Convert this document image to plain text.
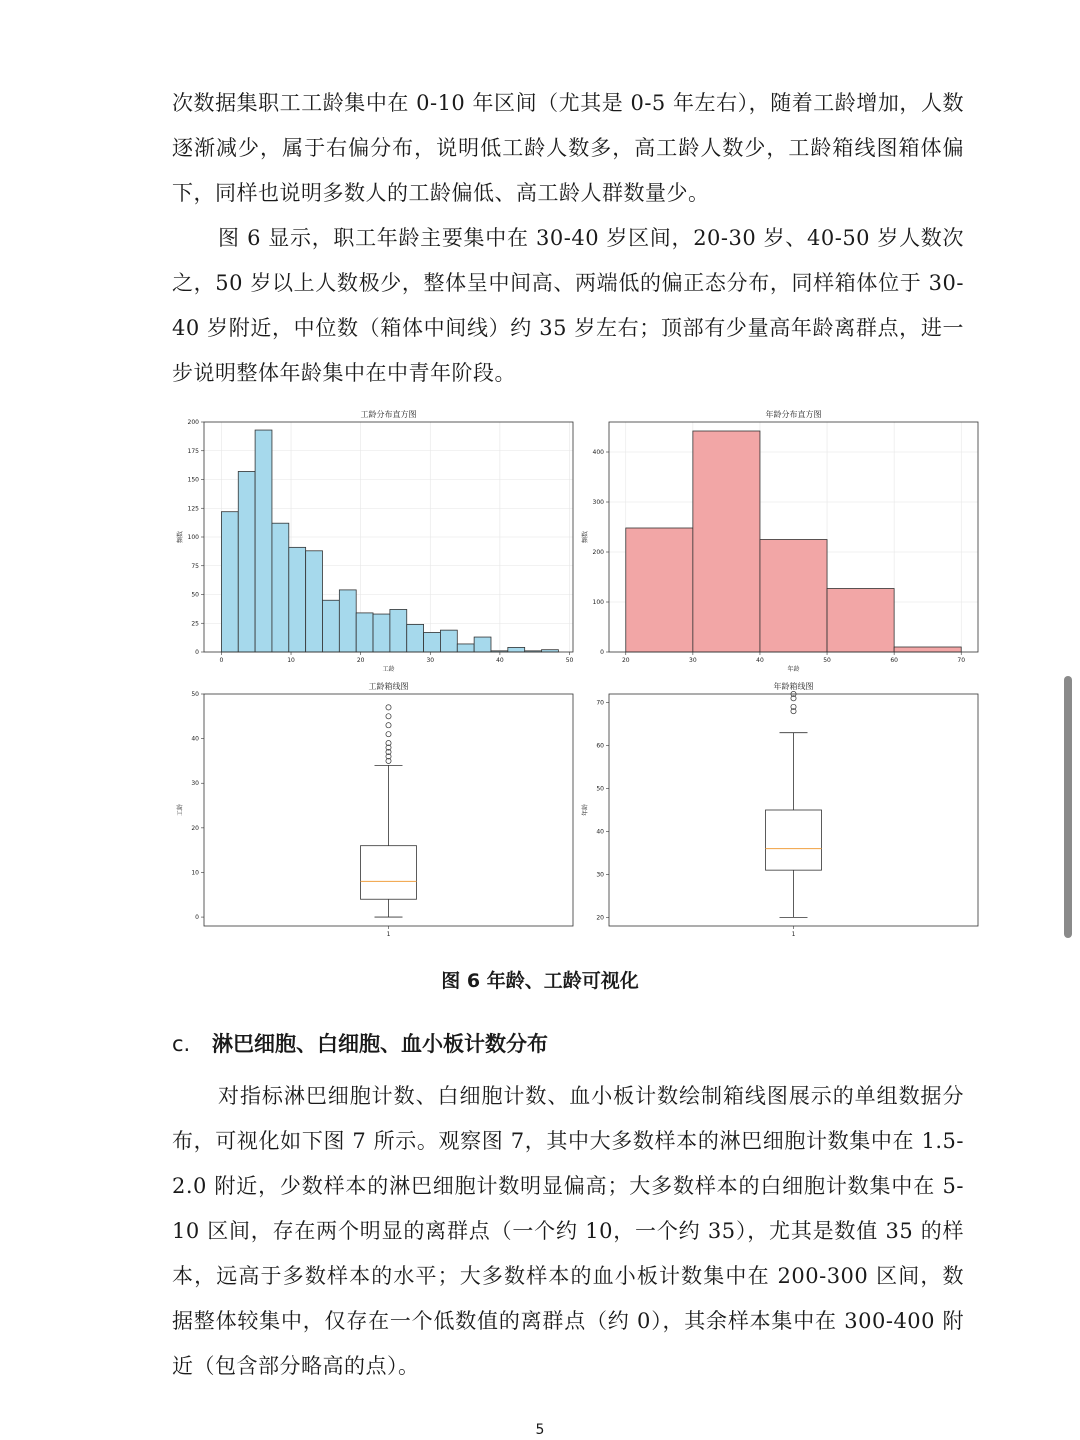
次数据集职工工龄集中在 0-10 年区间（尤其是 0-5 年左右），随着工龄增加，人数逐渐减少，属于右偏分布，说明低工龄人数多，高工龄人数少，工龄箱线图箱体偏下，同样也说明多数人的工龄偏低、高工龄人群数量少。

图 6 显示，职工年龄主要集中在 30-40 岁区间，20-30 岁、40-50 岁人数次之，50 岁以上人数极少，整体呈中间高、两端低的偏正态分布，同样箱体位于 30-40 岁附近，中位数（箱体中间线）约 35 岁左右；顶部有少量高年龄离群点，进一步说明整体年龄集中在中青年阶段。

工龄分布直方图
0
25
50
75
100
125
150
175
200
频数
0	10	20	30	40	50
工龄
年龄分布直方图
0
100
200
300
400
频数
20	30	40	50	60	70
年龄
工龄箱线图
0
10
20
30
40
50
工龄
1
年龄箱线图
20
30
40
50
60
70
年龄
1
图 6 年龄、工龄可视化
c. 淋巴细胞、白细胞、血小板计数分布

对指标淋巴细胞计数、白细胞计数、血小板计数绘制箱线图展示的单组数据分布，可视化如下图 7 所示。观察图 7，其中大多数样本的淋巴细胞计数集中在 1.5-2.0 附近，少数样本的淋巴细胞计数明显偏高；大多数样本的白细胞计数集中在 5-10 区间，存在两个明显的离群点（一个约 10，一个约 35），尤其是数值 35 的样本，远高于多数样本的水平；大多数样本的血小板计数集中在 200-300 区间，数据整体较集中，仅存在一个低数值的离群点（约 0），其余样本集中在 300-400 附近（包含部分略高的点）。

5
